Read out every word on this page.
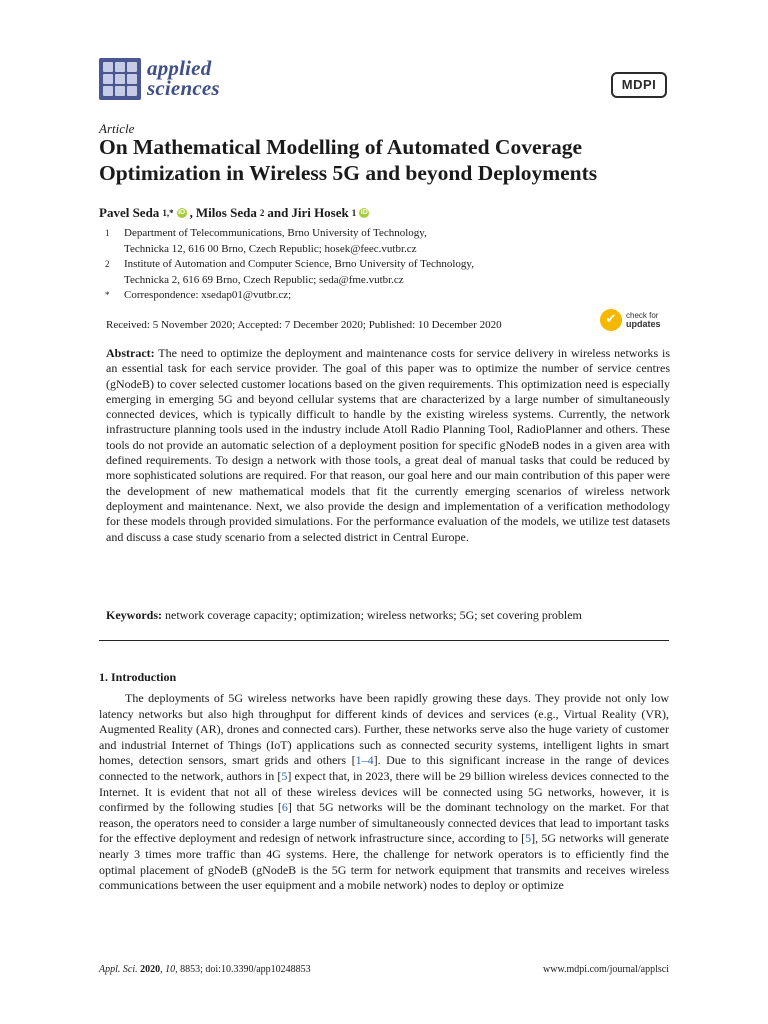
applied
sciences	MDPI
Article
On Mathematical Modelling of Automated Coverage Optimization in Wireless 5G and beyond Deployments
Pavel Seda 1,* iD , Milos Seda 2 and Jiri Hosek 1 iD
1	Department of Telecommunications, Brno University of Technology,
Technicka 12, 616 00 Brno, Czech Republic; hosek@feec.vutbr.cz
2	Institute of Automation and Computer Science, Brno University of Technology,
Technicka 2, 616 69 Brno, Czech Republic; seda@fme.vutbr.cz
*	Correspondence: xsedap01@vutbr.cz;
✔	check for
updates
Received: 5 November 2020; Accepted: 7 December 2020; Published: 10 December 2020

Abstract: The need to optimize the deployment and maintenance costs for service delivery in wireless networks is an essential task for each service provider. The goal of this paper was to optimize the number of service centres (gNodeB) to cover selected customer locations based on the given requirements. This optimization need is especially emerging in emerging 5G and beyond cellular systems that are characterized by a large number of simultaneously connected devices, which is typically difficult to handle by the existing wireless systems. Currently, the network infrastructure planning tools used in the industry include Atoll Radio Planning Tool, RadioPlanner and others. These tools do not provide an automatic selection of a deployment position for specific gNodeB nodes in a given area with defined requirements. To design a network with those tools, a great deal of manual tasks that could be reduced by more sophisticated solutions are required. For that reason, our goal here and our main contribution of this paper were the development of new mathematical models that fit the currently emerging scenarios of wireless network deployment and maintenance. Next, we also provide the design and implementation of a verification methodology for these models through provided simulations. For the performance evaluation of the models, we utilize test datasets and discuss a case study scenario from a selected district in Central Europe.

Keywords: network coverage capacity; optimization; wireless networks; 5G; set covering problem
1. Introduction

The deployments of 5G wireless networks have been rapidly growing these days. They provide not only low latency networks but also high throughput for different kinds of devices and services (e.g., Virtual Reality (VR), Augmented Reality (AR), drones and connected cars). Further, these networks serve also the huge variety of customer and industrial Internet of Things (IoT) applications such as connected security systems, intelligent lights in smart homes, detection sensors, smart grids and others [1–4]. Due to this significant increase in the range of devices connected to the network, authors in [5] expect that, in 2023, there will be 29 billion wireless devices connected to the Internet. It is evident that not all of these wireless devices will be connected using 5G networks, however, it is confirmed by the following studies [6] that 5G networks will be the dominant technology on the market. For that reason, the operators need to consider a large number of simultaneously connected devices that lead to important tasks for the effective deployment and redesign of network infrastructure since, according to [5], 5G networks will generate nearly 3 times more traffic than 4G systems. Here, the challenge for network operators is to efficiently find the optimal placement of gNodeB (gNodeB is the 5G term for network equipment that transmits and receives wireless communications between the user equipment and a mobile network) nodes to deploy or optimize

Appl. Sci. 2020, 10, 8853; doi:10.3390/app10248853	www.mdpi.com/journal/applsci
